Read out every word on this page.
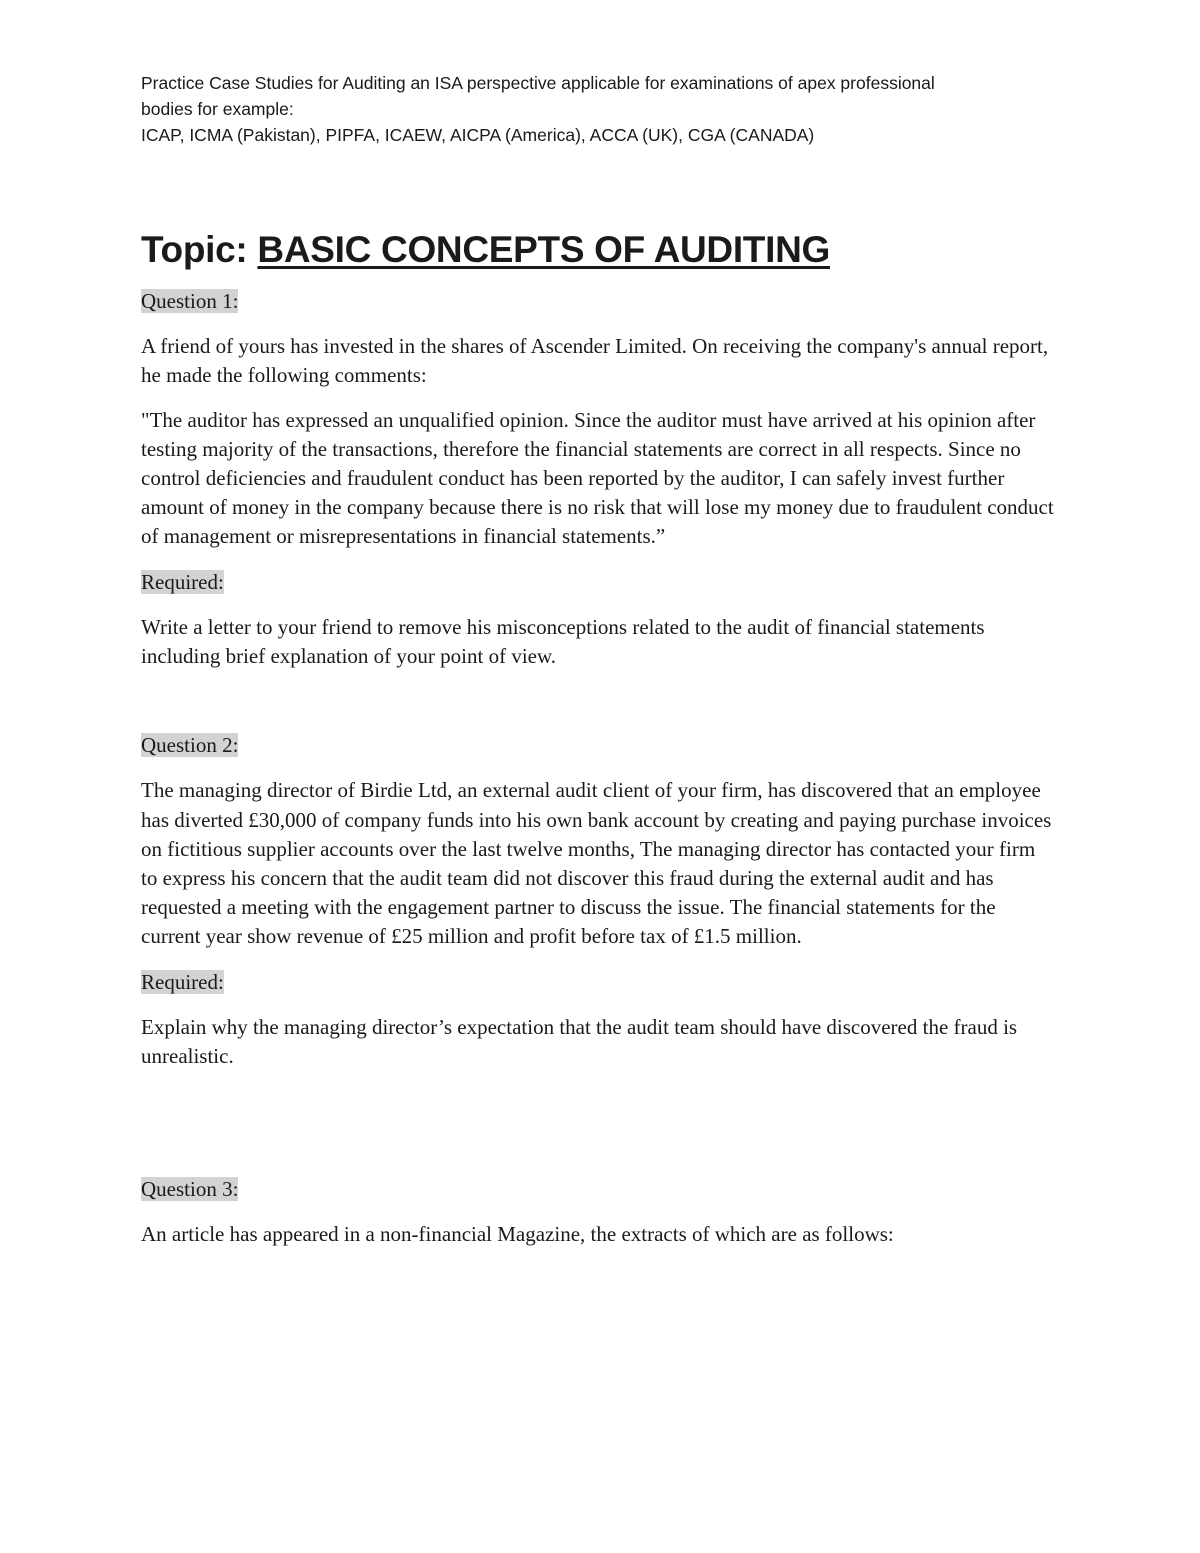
Practice Case Studies for Auditing an ISA perspective applicable for examinations of apex professional

bodies for example:

ICAP, ICMA (Pakistan), PIPFA, ICAEW, AICPA (America), ACCA (UK), CGA (CANADA)

Topic: BASIC CONCEPTS OF AUDITING

Question 1:

A friend of yours has invested in the shares of Ascender Limited. On receiving the company's annual report, he made the following comments:

"The auditor has expressed an unqualified opinion. Since the auditor must have arrived at his opinion after testing majority of the transactions, therefore the financial statements are correct in all respects. Since no control deficiencies and fraudulent conduct has been reported by the auditor, I can safely invest further amount of money in the company because there is no risk that will lose my money due to fraudulent conduct of management or misrepresentations in financial statements.”

Required:

Write a letter to your friend to remove his misconceptions related to the audit of financial statements including brief explanation of your point of view.

Question 2:

The managing director of Birdie Ltd, an external audit client of your firm, has discovered that an employee has diverted £30,000 of company funds into his own bank account by creating and paying purchase invoices on fictitious supplier accounts over the last twelve months, The managing director has contacted your firm to express his concern that the audit team did not discover this fraud during the external audit and has requested a meeting with the engagement partner to discuss the issue. The financial statements for the current year show revenue of £25 million and profit before tax of £1.5 million.

Required:

Explain why the managing director’s expectation that the audit team should have discovered the fraud is unrealistic.

Question 3:

An article has appeared in a non-financial Magazine, the extracts of which are as follows:
